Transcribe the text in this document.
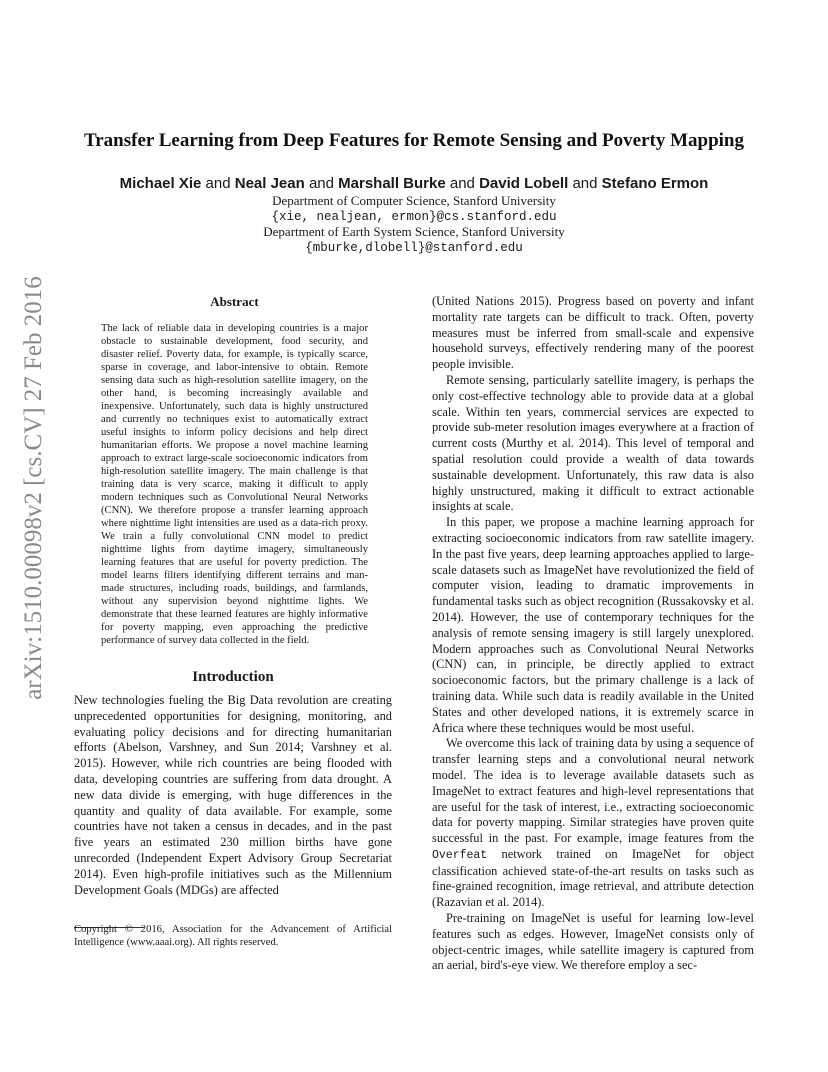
arXiv:1510.00098v2 [cs.CV] 27 Feb 2016
Transfer Learning from Deep Features for Remote Sensing and Poverty Mapping
Michael Xie and Neal Jean and Marshall Burke and David Lobell and Stefano Ermon
Department of Computer Science, Stanford University
{xie, nealjean, ermon}@cs.stanford.edu
Department of Earth System Science, Stanford University
{mburke,dlobell}@stanford.edu
Abstract

The lack of reliable data in developing countries is a major obstacle to sustainable development, food security, and disaster relief. Poverty data, for example, is typically scarce, sparse in coverage, and labor-intensive to obtain. Remote sensing data such as high-resolution satellite imagery, on the other hand, is becoming increasingly available and inexpensive. Unfortunately, such data is highly unstructured and currently no techniques exist to automatically extract useful insights to inform policy decisions and help direct humanitarian efforts. We propose a novel machine learning approach to extract large-scale socioeconomic indicators from high-resolution satellite imagery. The main challenge is that training data is very scarce, making it difficult to apply modern techniques such as Convolutional Neural Networks (CNN). We therefore propose a transfer learning approach where nighttime light intensities are used as a data-rich proxy. We train a fully convolutional CNN model to predict nighttime lights from daytime imagery, simultaneously learning features that are useful for poverty prediction. The model learns filters identifying different terrains and man-made structures, including roads, buildings, and farmlands, without any supervision beyond nighttime lights. We demonstrate that these learned features are highly informative for poverty mapping, even approaching the predictive performance of survey data collected in the field.

Introduction

New technologies fueling the Big Data revolution are creating unprecedented opportunities for designing, monitoring, and evaluating policy decisions and for directing humanitarian efforts (Abelson, Varshney, and Sun 2014; Varshney et al. 2015). However, while rich countries are being flooded with data, developing countries are suffering from data drought. A new data divide is emerging, with huge differences in the quantity and quality of data available. For example, some countries have not taken a census in decades, and in the past five years an estimated 230 million births have gone unrecorded (Independent Expert Advisory Group Secretariat 2014). Even high-profile initiatives such as the Millennium Development Goals (MDGs) are affected

Copyright © 2016, Association for the Advancement of Artificial Intelligence (www.aaai.org). All rights reserved.

(United Nations 2015). Progress based on poverty and infant mortality rate targets can be difficult to track. Often, poverty measures must be inferred from small-scale and expensive household surveys, effectively rendering many of the poorest people invisible.

Remote sensing, particularly satellite imagery, is perhaps the only cost-effective technology able to provide data at a global scale. Within ten years, commercial services are expected to provide sub-meter resolution images everywhere at a fraction of current costs (Murthy et al. 2014). This level of temporal and spatial resolution could provide a wealth of data towards sustainable development. Unfortunately, this raw data is also highly unstructured, making it difficult to extract actionable insights at scale.

In this paper, we propose a machine learning approach for extracting socioeconomic indicators from raw satellite imagery. In the past five years, deep learning approaches applied to large-scale datasets such as ImageNet have revolutionized the field of computer vision, leading to dramatic improvements in fundamental tasks such as object recognition (Russakovsky et al. 2014). However, the use of contemporary techniques for the analysis of remote sensing imagery is still largely unexplored. Modern approaches such as Convolutional Neural Networks (CNN) can, in principle, be directly applied to extract socioeconomic factors, but the primary challenge is a lack of training data. While such data is readily available in the United States and other developed nations, it is extremely scarce in Africa where these techniques would be most useful.

We overcome this lack of training data by using a sequence of transfer learning steps and a convolutional neural network model. The idea is to leverage available datasets such as ImageNet to extract features and high-level representations that are useful for the task of interest, i.e., extracting socioeconomic data for poverty mapping. Similar strategies have proven quite successful in the past. For example, image features from the Overfeat network trained on ImageNet for object classification achieved state-of-the-art results on tasks such as fine-grained recognition, image retrieval, and attribute detection (Razavian et al. 2014).

Pre-training on ImageNet is useful for learning low-level features such as edges. However, ImageNet consists only of object-centric images, while satellite imagery is captured from an aerial, bird's-eye view. We therefore employ a sec-
